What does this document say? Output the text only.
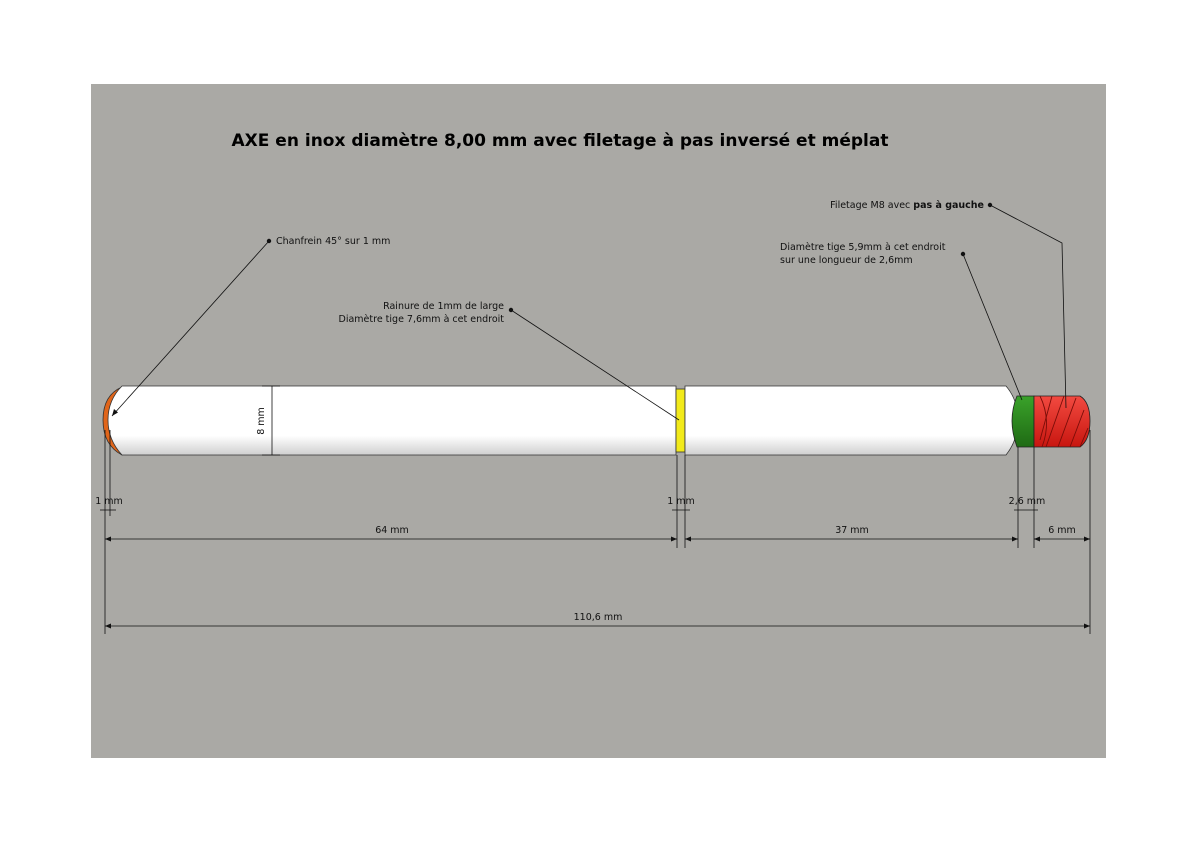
AXE en inox diamètre 8,00 mm avec filetage à pas inversé et méplat
8 mm
1 mm	1 mm	2,6 mm
64 mm	37 mm	6 mm
110,6 mm
Chanfrein 45° sur 1 mm
Rainure de 1mm de large
Diamètre tige 7,6mm à cet endroit
Diamètre tige 5,9mm à cet endroit
sur une longueur de 2,6mm
Filetage M8 avec pas à gauche
